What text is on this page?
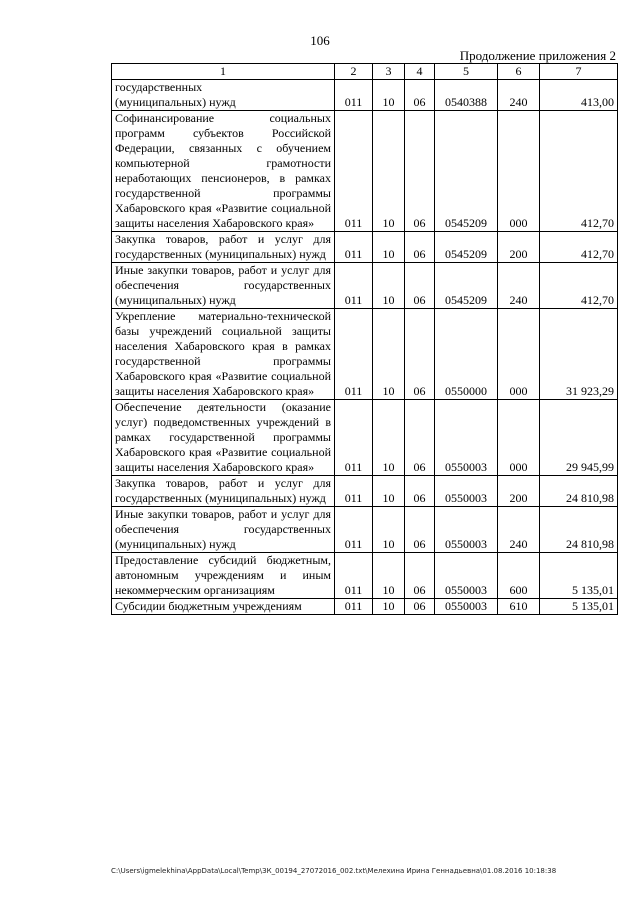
106
Продолжение приложения 2
1	2	3	4	5	6	7
государственных
(муниципальных) нужд	011	10	06	0540388	240	413,00
Софинансирование социальных программ субъектов Российской Федерации, связанных с обучением компьютерной грамотности неработающих пенсионеров, в рамках государственной программы Хабаровского края «Развитие социальной защиты населения Хабаровского края»	011	10	06	0545209	000	412,70
Закупка товаров, работ и услуг для государственных (муниципальных) нужд	011	10	06	0545209	200	412,70
Иные закупки товаров, работ и услуг для обеспечения государственных (муниципальных) нужд	011	10	06	0545209	240	412,70
Укрепление материально-технической базы учреждений социальной защиты населения Хабаровского края в рамках государственной программы Хабаровского края «Развитие социальной защиты населения Хабаровского края»	011	10	06	0550000	000	31 923,29
Обеспечение деятельности (оказание услуг) подведомственных учреждений в рамках государственной программы Хабаровского края «Развитие социальной защиты населения Хабаровского края»	011	10	06	0550003	000	29 945,99
Закупка товаров, работ и услуг для государственных (муниципальных) нужд	011	10	06	0550003	200	24 810,98
Иные закупки товаров, работ и услуг для обеспечения государственных (муниципальных) нужд	011	10	06	0550003	240	24 810,98
Предоставление субсидий бюджетным, автономным учреждениям и иным некоммерческим организациям	011	10	06	0550003	600	5 135,01
Субсидии бюджетным учреждениям	011	10	06	0550003	610	5 135,01
C:\Users\igmelekhina\AppData\Local\Temp\ЗК_00194_27072016_002.txt\Мелехина Ирина Геннадьевна\01.08.2016 10:18:38
